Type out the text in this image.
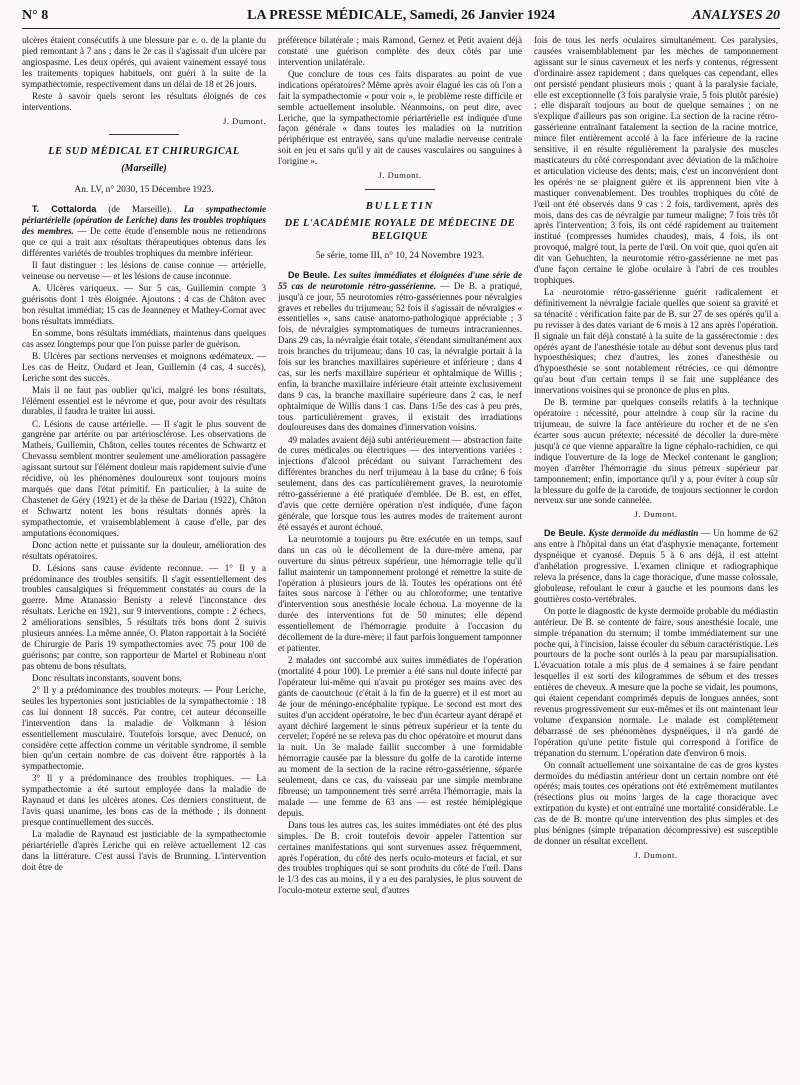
N° 8	LA PRESSE MÉDICALE, Samedi, 26 Janvier 1924	ANALYSES 20

ulcères étaient consécutifs à une blessure par e. o. de la plante du pied remontant à 7 ans ; dans le 2e cas il s'agissait d'un ulcère par angiospasme. Les deux opérés, qui avaient vainement essayé tous les traitements topiques habituels, ont guéri à la suite de la sympathectomie, respectivement dans un délai de 18 et 26 jours.

Reste à savoir quels seront les résultats éloignés de ces interventions.

J. Dumont.
LE SUD MÉDICAL ET CHIRURGICAL
(Marseille)
An. LV, n° 2030, 15 Décembre 1923.

T. Cottalorda (de Marseille). La sympathectomie périartérielle (opération de Leriche) dans les troubles trophiques des membres. — De cette étude d'ensemble nous ne retiendrons que ce qui a trait aux résultats thérapeutiques obtenus dans les différentes variétés de troubles trophiques du membre inférieur.

Il faut distinguer : les lésions de cause connue — artérielle, veineuse ou nerveuse — et les lésions de cause inconnue.

A. Ulcères variqueux. — Sur 5 cas, Guillemin compte 3 guérisons dont 1 très éloignée. Ajoutons : 4 cas de Châton avec bon résultat immédiat; 15 cas de Jeanneney et Mathey-Cornat avec bons résultats immédiats.

En somme, bons résultats immédiats, maintenus dans quelques cas assez longtemps pour que l'on puisse parler de guérison.

B. Ulcères par sections nerveuses et moignons œdémateux. — Les cas de Heitz, Oudard et Jean, Guillemin (4 cas, 4 succès), Leriche sont des succès.

Mais il ne faut pas oublier qu'ici, malgré les bons résultats, l'élément essentiel est le névrome et que, pour avoir des résultats durables, il faudra le traiter lui aussi.

C. Lésions de cause artérielle. — Il s'agit le plus souvent de gangrène par artérite ou par artériosclérose. Les observations de Matheis, Guillemin, Châton, celles toutes récentes de Schwartz et Chevassu semblent montrer seulement une amélioration passagère agissant surtout sur l'élément douleur mais rapidement suivie d'une récidive, où les phénomènes douloureux sont toujours moins marqués que dans l'état primitif. En particulier, à la suite de Chastenet de Géry (1921) et de la thèse de Dariau (1922), Châton et Schwartz notent les bons résultats donnés après la sympathectomie, et vraisemblablement à cause d'elle, par des amputations économiques.

Donc action nette et puissante sur la douleur, amélioration des résultats opératoires.

D. Lésions sans cause évidente reconnue. — 1° Il y a prédominance des troubles sensitifs. Il s'agit essentiellement des troubles causalgiques si fréquemment constatés au cours de la guerre. Mme Atanassio Benisty a relevé l'inconstance des résultats. Leriche en 1921, sur 9 interventions, compte : 2 échecs, 2 améliorations sensibles, 5 résultats très bons dont 2 suivis plusieurs années. La même année, O. Platon rapportait à la Société de Chirurgie de Paris 19 sympathectomies avec 75 pour 100 de guérisons; par contre, son rapporteur de Martel et Robineau n'ont pas obtenu de bons résultats.

Donc résultats inconstants, souvent bons.

2° Il y a prédominance des troubles moteurs. — Pour Leriche, seules les hypertonies sont justiciables de la sympathectomie : 18 cas lui donnent 18 succès. Par contre, cet auteur déconseille l'intervention dans la maladie de Volkmann à lésion essentiellement musculaire. Toutefois lorsque, avec Denucé, on considère cette affection comme un véritable syndrome, il semble bien qu'un certain nombre de cas doivent être rapportés à la sympathectomie.

3° Il y a prédominance des troubles trophiques. — La sympathectomie a été surtout employée dans la maladie de Raynaud et dans les ulcères atones. Ces derniers constituent, de l'avis quasi unanime, les bons cas de la méthode ; ils donnent presque continuellement des succès.

La maladie de Raynaud est justiciable de la sympathectomie périartérielle d'après Leriche qui en relève actuellement 12 cas dans la littérature. C'est aussi l'avis de Brunning. L'intervention doit être de

préférence bilatérale ; mais Ramond, Gernez et Petit avaient déjà constaté une guérison complète des deux côtés par une intervention unilatérale.

Que conclure de tous ces faits disparates au point de vue indications opératoires? Même après avoir élagué les cas où l'on a fait la sympathectomie « pour voir », le problème reste difficile et semble actuellement insoluble. Néanmoins, on peut dire, avec Leriche, que la sympathectomie périartérielle est indiquée d'une façon générale « dans toutes les maladies où la nutrition périphérique est entravée, sans qu'une maladie nerveuse centrale soit en jeu et sans qu'il y ait de causes vasculaires ou sanguines à l'origine ».

J. Dumont.
BULLETIN
DE L'ACADÉMIE ROYALE DE MÉDECINE DE BELGIQUE
5e série, tome III, n° 10, 24 Novembre 1923.

De Beule. Les suites immédiates et éloignées d'une série de 55 cas de neurotomie rétro-gassérienne. — De B. a pratiqué, jusqu'à ce jour, 55 neurotomies rétro-gassériennes pour névralgies graves et rebelles du trijumeau; 52 fois il s'agissait de névralgies « essentielles », sans cause anatomo-pathologique appréciable ; 3 fois, de névralgies symptomatiques de tumeurs intracraniennes. Dans 29 cas, la névralgie était totale, s'étendant simultanément aux trois branches du trijumeau; dans 10 cas, la névralgie portait à la fois sur les branches maxillaires supérieure et inférieure ; dans 4 cas, sur les nerfs maxillaire supérieur et ophtalmique de Willis ; enfin, la branche maxillaire inférieure était atteinte exclusivement dans 9 cas, la branche maxillaire supérieure dans 2 cas, le nerf ophtalmique de Willis dans 1 cas. Dans 1/5e des cas à peu près, tous particulièrement graves, il existait des irradiations douloureuses dans des domaines d'innervation voisins.

49 malades avaient déjà subi antérieurement — abstraction faite de cures médicales ou électriques — des interventions variées : injections d'alcool précédant ou suivant l'arrachement des différentes branches du nerf trijumeau à la base du crâne; 6 fois seulement, dans des cas particulièrement graves, la neurotomie rétro-gassérienne a été pratiquée d'emblée. De B. est, en effet, d'avis que cette dernière opération n'est indiquée, d'une façon générale, que lorsque tous les autres modes de traitement auront été essayés et auront échoué.

La neurotomie a toujours pu être exécutée en un temps, sauf dans un cas où le décollement de la dure-mère amena, par ouverture du sinus pétreux supérieur, une hémorragie telle qu'il fallut maintenir un tamponnement prolongé et remettre la suite de l'opération à plusieurs jours de là. Toutes les opérations ont été faites sous narcose à l'éther ou au chloroforme; une tentative d'intervention sous anesthésie locale échoua. La moyenne de la durée des interventions fut de 50 minutes; elle dépend essentiellement de l'hémorragie produite à l'occasion du décollement de la dure-mère; il faut parfois longuement tamponner et patienter.

2 malades ont succombé aux suites immédiates de l'opération (mortalité 4 pour 100). Le premier a été sans nul doute infecté par l'opérateur lui-même qui n'avait pu protéger ses mains avec des gants de caoutchouc (c'était à la fin de la guerre) et il est mort au 4e jour de méningo-encéphalite typique. Le second est mort des suites d'un accident opératoire, le bec d'un écarteur ayant dérapé et ayant déchiré largement le sinus pétreux supérieur et la tente du cervelet; l'opéré ne se releva pas du choc opératoire et mourut dans la nuit. Un 3e malade faillit succomber à une formidable hémorragie causée par la blessure du golfe de la carotide interne au moment de la section de la racine rétro-gassérienne, séparée seulement, dans ce cas, du vaisseau par une simple membrane fibreuse; un tamponnement très serré arrêta l'hémorragie, mais la malade — une femme de 63 ans — est restée hémiplégique depuis.

Dans tous les autres cas, les suites immédiates ont été des plus simples. De B. croit toutefois devoir appeler l'attention sur certaines manifestations qui sont survenues assez fréquemment, après l'opération, du côté des nerfs oculo-moteurs et facial, et sur des troubles trophiques qui se sont produits du côté de l'œil. Dans le 1/3 des cas au moins, il y a eu des paralysies, le plus souvent de l'oculo-moteur externe seul, d'autres

fois de tous les nerfs oculaires simultanément. Ces paralysies, causées vraisemblablement par les mèches de tamponnement agissant sur le sinus caverneux et les nerfs y contenus, régressent d'ordinaire assez rapidement ; dans quelques cas cependant, elles ont persisté pendant plusieurs mois ; quant à la paralysie faciale, elle est exceptionnelle (3 fois paralysie vraie, 5 fois plutôt parésie) ; elle disparaît toujours au bout de quelque semaines ; on ne s'explique d'ailleurs pas son origine. La section de la racine rétro-gassérienne entraînant fatalement la section de la racine motrice, mince filet entièrement accolé à la face inférieure de la racine sensitive, il en résulte régulièrement la paralysie des muscles masticateurs du côté correspondant avec déviation de la mâchoire et articulation vicieuse des dents; mais, c'est un inconvénient dont les opérés ne se plaignent guère et ils apprennent bien vite à mastiquer convenablement. Des troubles trophiques du côté de l'œil ont été observés dans 9 cas : 2 fois, tardivement, après des mois, dans des cas de névralgie par tumeur maligne; 7 fois très tôt après l'intervention; 3 fois, ils ont cédé rapidement au traitement institué (compresses humides chaudes), mais, 4 fois, ils ont provoqué, malgré tout, la perte de l'œil. On voit que, quoi qu'en ait dit van Gehuchten, la neurotomie rétro-gassérienne ne met pas d'une façon certaine le globe oculaire à l'abri de ces troubles trophiques.

La neurotomie rétro-gassérienne guérit radicalement et définitivement la névralgie faciale quelles que soient sa gravité et sa ténacité : vérification faite par de B. sur 27 de ses opérés qu'il a pu revisser à des dates variant de 6 mois à 12 ans après l'opération. Il signale un fait déjà constaté à la suite de la gassérectomie : des opérés ayant de l'anesthésie totale au début sont devenus plus tard hypoesthésiques; chez d'autres, les zones d'anesthésie ou d'hypoesthésie se sont notablement rétrécies, ce qui démontre qu'au bout d'un certain temps il se fait une suppléance des innervations voisines qui se prononce de plus en plus.

De B. termine par quelques conseils relatifs à la technique opératoire : nécessité, pour atteindre à coup sûr la racine du trijumeau, de suivre la face antérieure du rocher et de ne s'en écarter sous aucun prétexte; nécessité de décoller la dure-mère jusqu'à ce que vienne apparaître la ligne céphalo-rachidien, ce qui indique l'ouverture de la loge de Meckel contenant le ganglion; moyen d'arrêter l'hémorragie du sinus pétreux supérieur par tamponnement; enfin, importance qu'il y a, pour éviter à coup sûr la blessure du golfe de la carotide, de toujours sectionner le cordon nerveux sur une sonde cannelée.

J. Dumont.

De Beule. Kyste dermoïde du médiastin — Un homme de 62 ans entre à l'hôpital dans un état d'asphyxie menaçante, fortement dyspnéique et cyanosé. Depuis 5 à 6 ans déjà, il est atteint d'anhélation progressive. L'examen clinique et radiographique releva la présence, dans la cage thoracique, d'une masse colossale, globuleuse, refoulant le cœur à gauche et les poumons dans les gouttières costo-vertébrales.

On porte le diagnostic de kyste dermoïde probable du médiastin antérieur. De B. se contente de faire, sous anesthésie locale, une simple trépanation du sternum; il tombe immédiatement sur une poche qui, à l'incision, laisse écouler du sébum caractéristique. Les pourtours de la poche sont ourlés à la peau par marsupialisation. L'évacuation totale a mis plus de 4 semaines à se faire pendant lesquelles il est sorti des kilogrammes de sébum et des tresses entières de cheveux. A mesure que la poche se vidait, les poumons, qui étaient cependant comprimés depuis de longues années, sont revenus progressivement sur eux-mêmes et ils ont maintenant leur volume d'expansion normale. Le malade est complètement débarrassé de ses phénomènes dyspnéiques, il n'a gardé de l'opération qu'une petite fistule qui correspond à l'orifice de trépanation du sternum. L'opération date d'environ 6 mois.

On connaît actuellement une soixantaine de cas de gros kystes dermoïdes du médiastin antérieur dont un certain nombre ont été opérés; mais toutes ces opérations ont été extrêmement mutilantes (résections plus ou moins larges de la cage thoracique avec extirpation du kyste) et ont entraîné une mortalité considérable. Le cas de de B. montre qu'une intervention des plus simples et des plus bénignes (simple trépanation décompressive) est susceptible de donner un résultat excellent.

J. Dumont.
